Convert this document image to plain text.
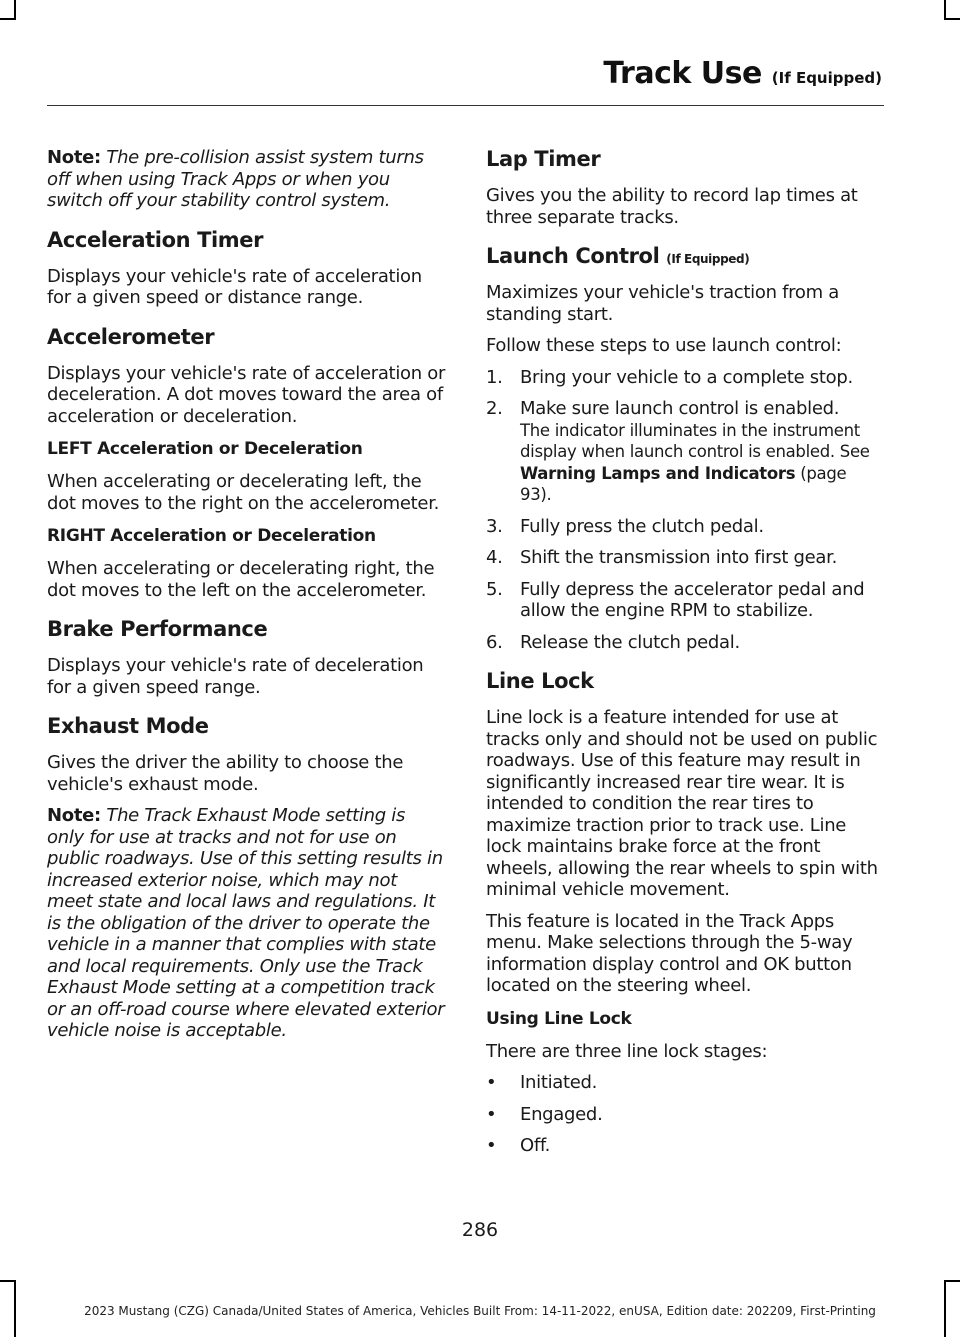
Track Use (If Equipped)

Note: The pre-collision assist system turns off when using Track Apps or when you switch off your stability control system.

Acceleration Timer

Displays your vehicle's rate of acceleration for a given speed or distance range.

Accelerometer

Displays your vehicle's rate of acceleration or deceleration. A dot moves toward the area of acceleration or deceleration.

LEFT Acceleration or Deceleration

When accelerating or decelerating left, the dot moves to the right on the accelerometer.

RIGHT Acceleration or Deceleration

When accelerating or decelerating right, the dot moves to the left on the accelerometer.

Brake Performance

Displays your vehicle's rate of deceleration for a given speed range.

Exhaust Mode

Gives the driver the ability to choose the vehicle's exhaust mode.

Note: The Track Exhaust Mode setting is only for use at tracks and not for use on public roadways. Use of this setting results in increased exterior noise, which may not meet state and local laws and regulations. It is the obligation of the driver to operate the vehicle in a manner that complies with state and local requirements. Only use the Track Exhaust Mode setting at a competition track or an off-road course where elevated exterior vehicle noise is acceptable.

Lap Timer

Gives you the ability to record lap times at three separate tracks.

Launch Control (If Equipped)

Maximizes your vehicle's traction from a standing start.

Follow these steps to use launch control:

1. Bring your vehicle to a complete stop.
2. Make sure launch control is enabled.
The indicator illuminates in the instrument display when launch control is enabled. See Warning Lamps and Indicators (page 93).
3. Fully press the clutch pedal.
4. Shift the transmission into first gear.
5. Fully depress the accelerator pedal and allow the engine RPM to stabilize.
6. Release the clutch pedal.
Line Lock

Line lock is a feature intended for use at tracks only and should not be used on public roadways. Use of this feature may result in significantly increased rear tire wear. It is intended to condition the rear tires to maximize traction prior to track use. Line lock maintains brake force at the front wheels, allowing the rear wheels to spin with minimal vehicle movement.

This feature is located in the Track Apps menu. Make selections through the 5-way information display control and OK button located on the steering wheel.

Using Line Lock

There are three line lock stages:

• Initiated.
• Engaged.
• Off.

286

2023 Mustang (CZG) Canada/United States of America, Vehicles Built From: 14-11-2022, enUSA, Edition date: 202209, First-Printing
